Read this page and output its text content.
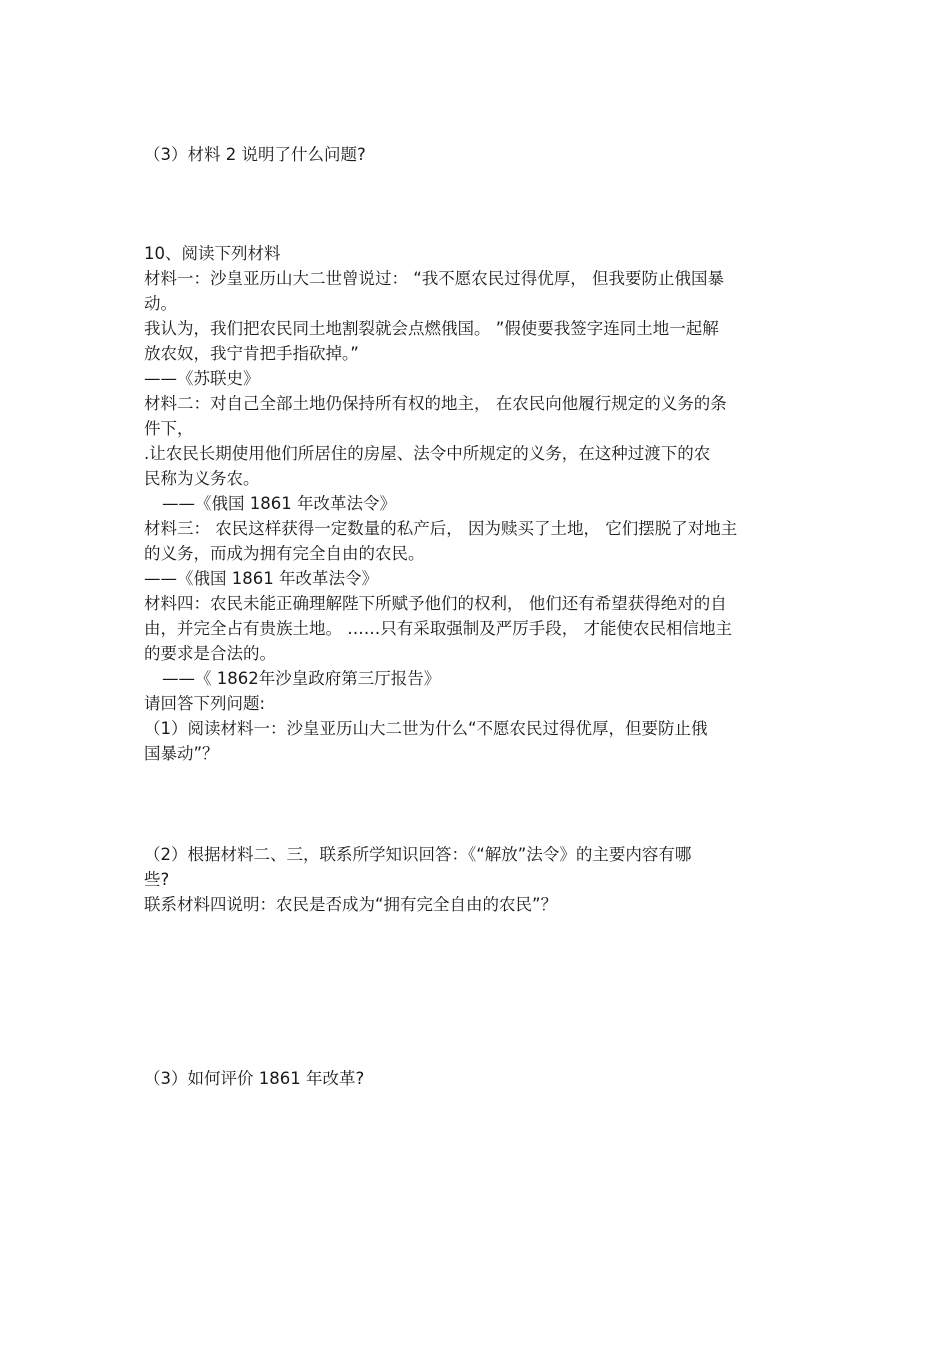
（3）材料 2 说明了什么问题?

10、阅读下列材料

材料一：沙皇亚历山大二世曾说过： “我不愿农民过得优厚， 但我要防止俄国暴

动。

我认为，我们把农民同土地割裂就会点燃俄国。 ”假使要我签字连同土地一起解

放农奴，我宁肯把手指砍掉。”

——《苏联史》

材料二：对自己全部土地仍保持所有权的地主， 在农民向他履行规定的义务的条

件下，

.让农民长期使用他们所居住的房屋、法令中所规定的义务，在这种过渡下的农

民称为义务农。

——《俄国 1861 年改革法令》

材料三： 农民这样获得一定数量的私产后， 因为赎买了土地， 它们摆脱了对地主

的义务，而成为拥有完全自由的农民。

——《俄国 1861 年改革法令》

材料四：农民未能正确理解陛下所赋予他们的权利， 他们还有希望获得绝对的自

由，并完全占有贵族土地。 ……只有采取强制及严厉手段， 才能使农民相信地主

的要求是合法的。

——《 1862年沙皇政府第三厅报告》

请回答下列问题:

（1）阅读材料一：沙皇亚历山大二世为什么“不愿农民过得优厚，但要防止俄

国暴动”？

（2）根据材料二、三，联系所学知识回答：《“解放”法令》的主要内容有哪

些?

联系材料四说明：农民是否成为“拥有完全自由的农民”？

（3）如何评价 1861 年改革?
